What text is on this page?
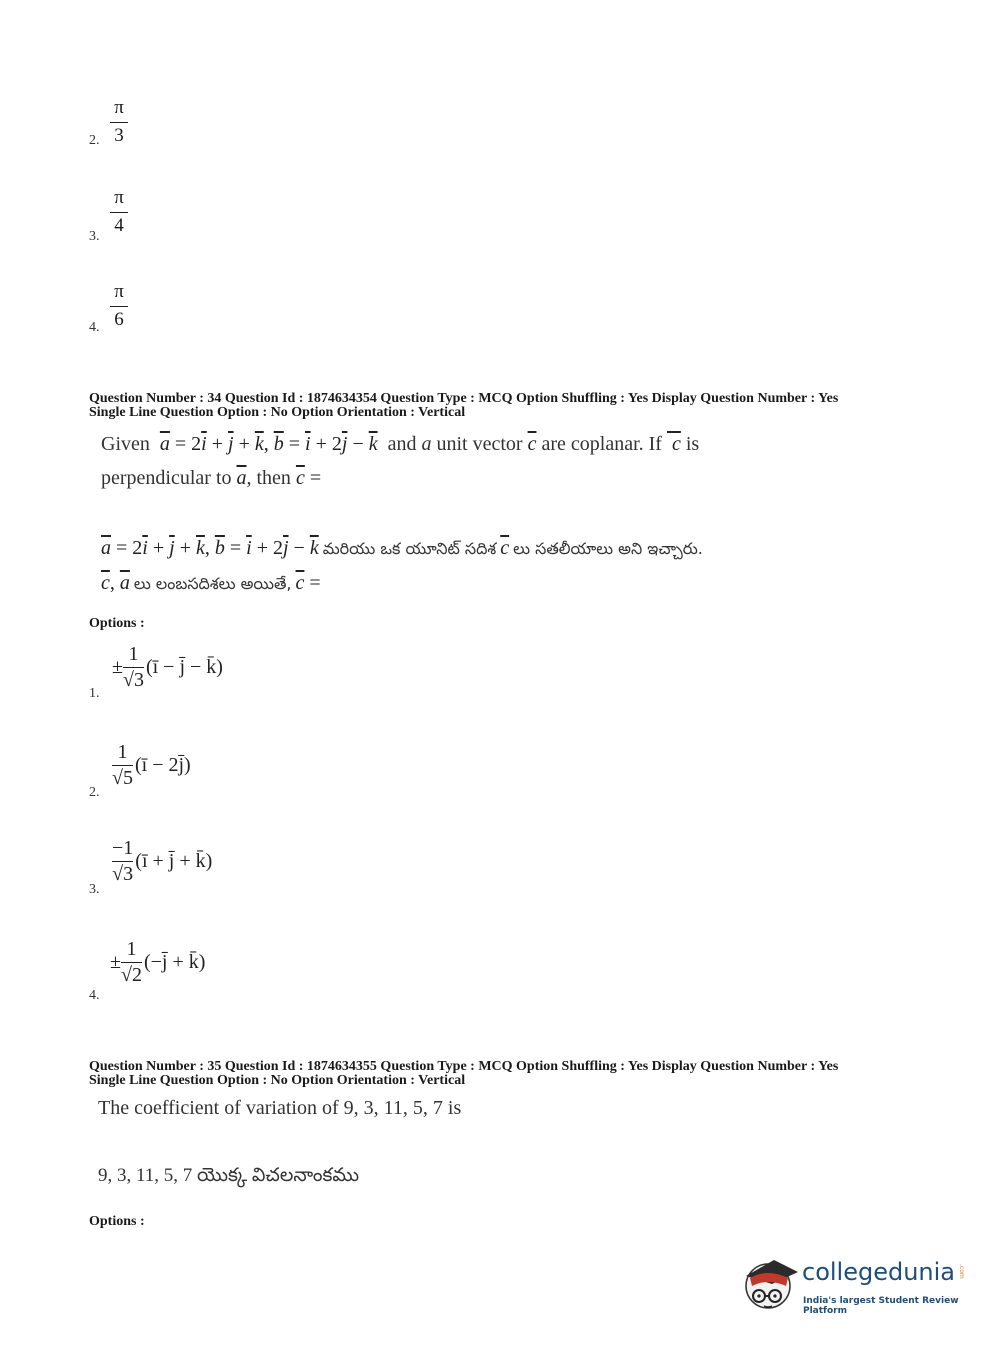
2.
π
3
3.
π
4
4.
π
6
Question Number : 34 Question Id : 1874634354 Question Type : MCQ Option Shuffling : Yes Display Question Number : Yes
Single Line Question Option : No Option Orientation : Vertical
Given $\overline{a} = 2\overline{i} + \overline{j} + \overline{k}$, $\overline{b} = \overline{i} + 2\overline{j} - \overline{k}$ and a unit vector $\overline{c}$ are coplanar. If c is
perpendicular to $\overline{a}$, then $\overline{c}$ =
$\overline{a} = 2\overline{i} + \overline{j} + \overline{k}$, $\overline{b} = \overline{i} + 2\overline{j} - \overline{k}$ మరియు ఒక యూనిట్ సదిశ $\overline{c}$ లు సతలీయాలు అని ఇచ్చారు.
$\overline{c}$, $\overline{a}$ లు లంబసదిశలు అయితే, $\overline{c}$ =
Options :
1.
±
1
√3
(ī − j̄ − k̄)
2.
1
√5
(ī − 2j̄)
3.
−1
√3
(ī + j̄ + k̄)
4.
±
1
√2
(−j̄ + k̄)
Question Number : 35 Question Id : 1874634355 Question Type : MCQ Option Shuffling : Yes Display Question Number : Yes
Single Line Question Option : No Option Orientation : Vertical
The coefficient of variation of 9, 3, 11, 5, 7 is
9, 3, 11, 5, 7 యొక్క విచలనాంకము
Options :
collegedunia .com
India's largest Student Review Platform
